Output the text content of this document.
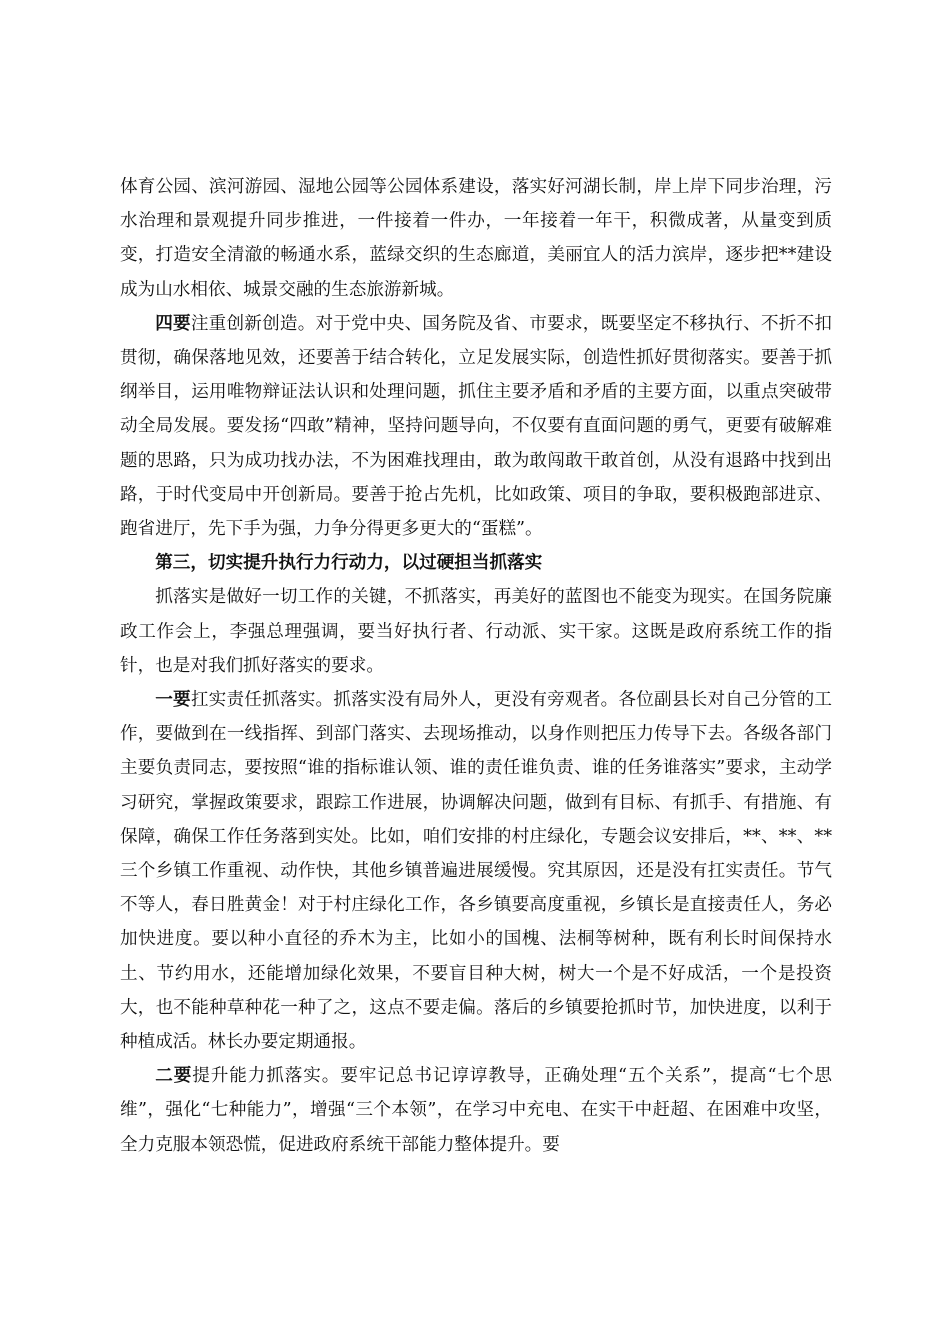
体育公园、滨河游园、湿地公园等公园体系建设，落实好河湖长制，岸上岸下同步治理，污水治理和景观提升同步推进，一件接着一件办，一年接着一年干，积微成著，从量变到质变，打造安全清澈的畅通水系，蓝绿交织的生态廊道，美丽宜人的活力滨岸，逐步把**建设成为山水相依、城景交融的生态旅游新城。

四要注重创新创造。对于党中央、国务院及省、市要求，既要坚定不移执行、不折不扣贯彻，确保落地见效，还要善于结合转化，立足发展实际，创造性抓好贯彻落实。要善于抓纲举目，运用唯物辩证法认识和处理问题，抓住主要矛盾和矛盾的主要方面，以重点突破带动全局发展。要发扬“四敢”精神，坚持问题导向，不仅要有直面问题的勇气，更要有破解难题的思路，只为成功找办法，不为困难找理由，敢为敢闯敢干敢首创，从没有退路中找到出路，于时代变局中开创新局。要善于抢占先机，比如政策、项目的争取，要积极跑部进京、跑省进厅，先下手为强，力争分得更多更大的“蛋糕”。

第三，切实提升执行力行动力，以过硬担当抓落实

抓落实是做好一切工作的关键，不抓落实，再美好的蓝图也不能变为现实。在国务院廉政工作会上，李强总理强调，要当好执行者、行动派、实干家。这既是政府系统工作的指针，也是对我们抓好落实的要求。

一要扛实责任抓落实。抓落实没有局外人，更没有旁观者。各位副县长对自己分管的工作，要做到在一线指挥、到部门落实、去现场推动，以身作则把压力传导下去。各级各部门主要负责同志，要按照“谁的指标谁认领、谁的责任谁负责、谁的任务谁落实”要求，主动学习研究，掌握政策要求，跟踪工作进展，协调解决问题，做到有目标、有抓手、有措施、有保障，确保工作任务落到实处。比如，咱们安排的村庄绿化，专题会议安排后，**、**、**三个乡镇工作重视、动作快，其他乡镇普遍进展缓慢。究其原因，还是没有扛实责任。节气不等人，春日胜黄金！对于村庄绿化工作，各乡镇要高度重视，乡镇长是直接责任人，务必加快进度。要以种小直径的乔木为主，比如小的国槐、法桐等树种，既有利长时间保持水土、节约用水，还能增加绿化效果，不要盲目种大树，树大一个是不好成活，一个是投资大，也不能种草种花一种了之，这点不要走偏。落后的乡镇要抢抓时节，加快进度，以利于种植成活。林长办要定期通报。

二要提升能力抓落实。要牢记总书记谆谆教导，正确处理“五个关系”，提高“七个思维”，强化“七种能力”，增强“三个本领”，在学习中充电、在实干中赶超、在困难中攻坚，全力克服本领恐慌，促进政府系统干部能力整体提升。要
